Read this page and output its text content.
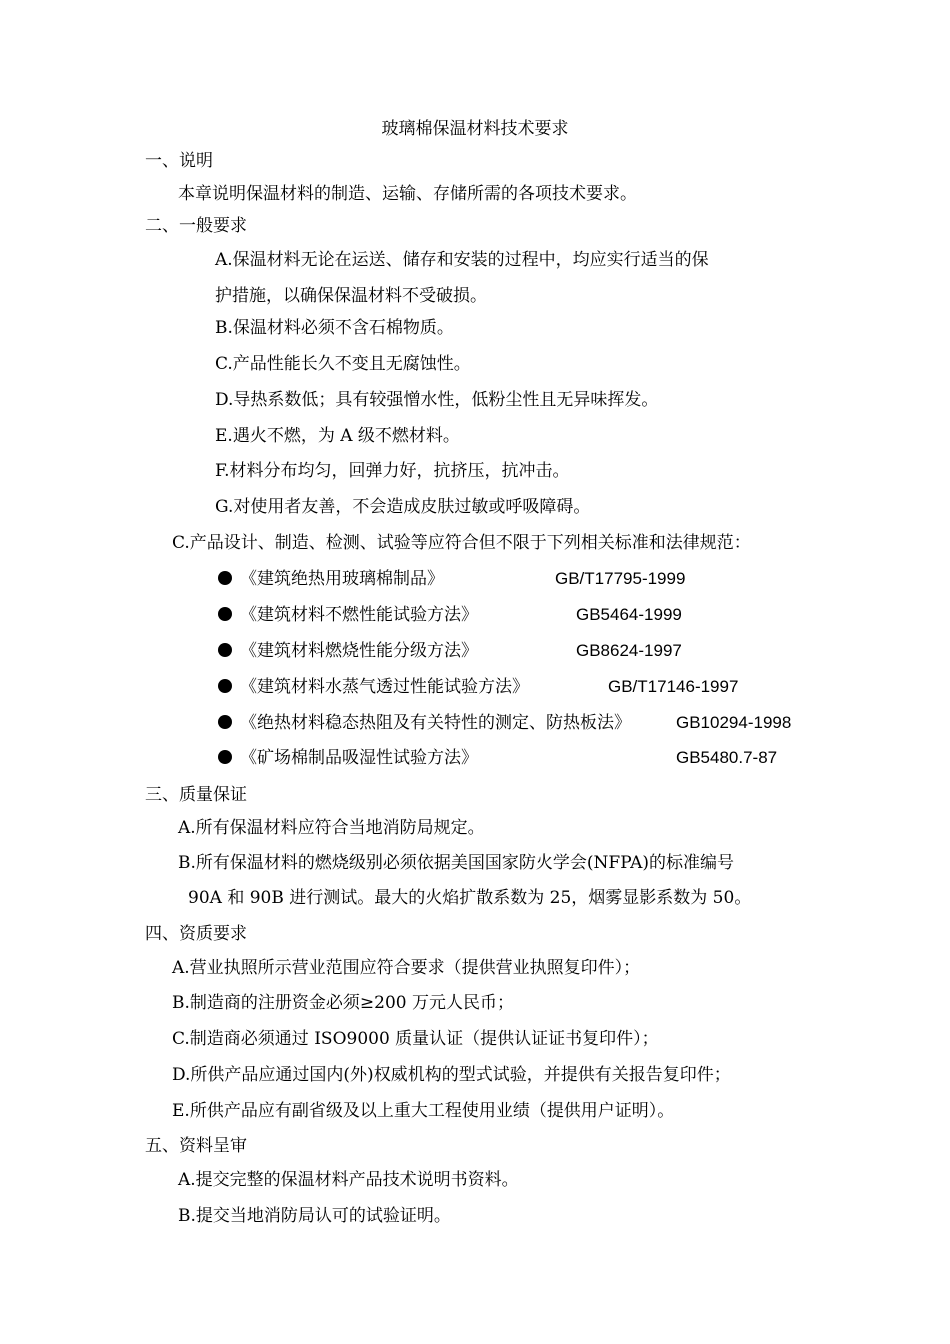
玻璃棉保温材料技术要求
一、说明
本章说明保温材料的制造、运输、存储所需的各项技术要求。
二、一般要求
A.保温材料无论在运送、储存和安装的过程中，均应实行适当的保
护措施，以确保保温材料不受破损。
B.保温材料必须不含石棉物质。
C.产品性能长久不变且无腐蚀性。
D.导热系数低；具有较强憎水性，低粉尘性且无异味挥发。
E.遇火不燃，为 A 级不燃材料。
F.材料分布均匀，回弹力好，抗挤压，抗冲击。
G.对使用者友善，不会造成皮肤过敏或呼吸障碍。
C.产品设计、制造、检测、试验等应符合但不限于下列相关标准和法律规范：
《建筑绝热用玻璃棉制品》	GB/T17795-1999
《建筑材料不燃性能试验方法》	GB5464-1999
《建筑材料燃烧性能分级方法》	GB8624-1997
《建筑材料水蒸气透过性能试验方法》	GB/T17146-1997
《绝热材料稳态热阻及有关特性的测定、防热板法》	GB10294-1998
《矿场棉制品吸湿性试验方法》	GB5480.7-87
三、质量保证
A.所有保温材料应符合当地消防局规定。
B.所有保温材料的燃烧级别必须依据美国国家防火学会(NFPA)的标准编号
90A 和 90B 进行测试。最大的火焰扩散系数为 25，烟雾显影系数为 50。
四、资质要求
A.营业执照所示营业范围应符合要求（提供营业执照复印件）；
B.制造商的注册资金必须≥200 万元人民币；
C.制造商必须通过 ISO9000 质量认证（提供认证证书复印件）；
D.所供产品应通过国内(外)权威机构的型式试验，并提供有关报告复印件；
E.所供产品应有副省级及以上重大工程使用业绩（提供用户证明）。
五、资料呈审
A.提交完整的保温材料产品技术说明书资料。
B.提交当地消防局认可的试验证明。
